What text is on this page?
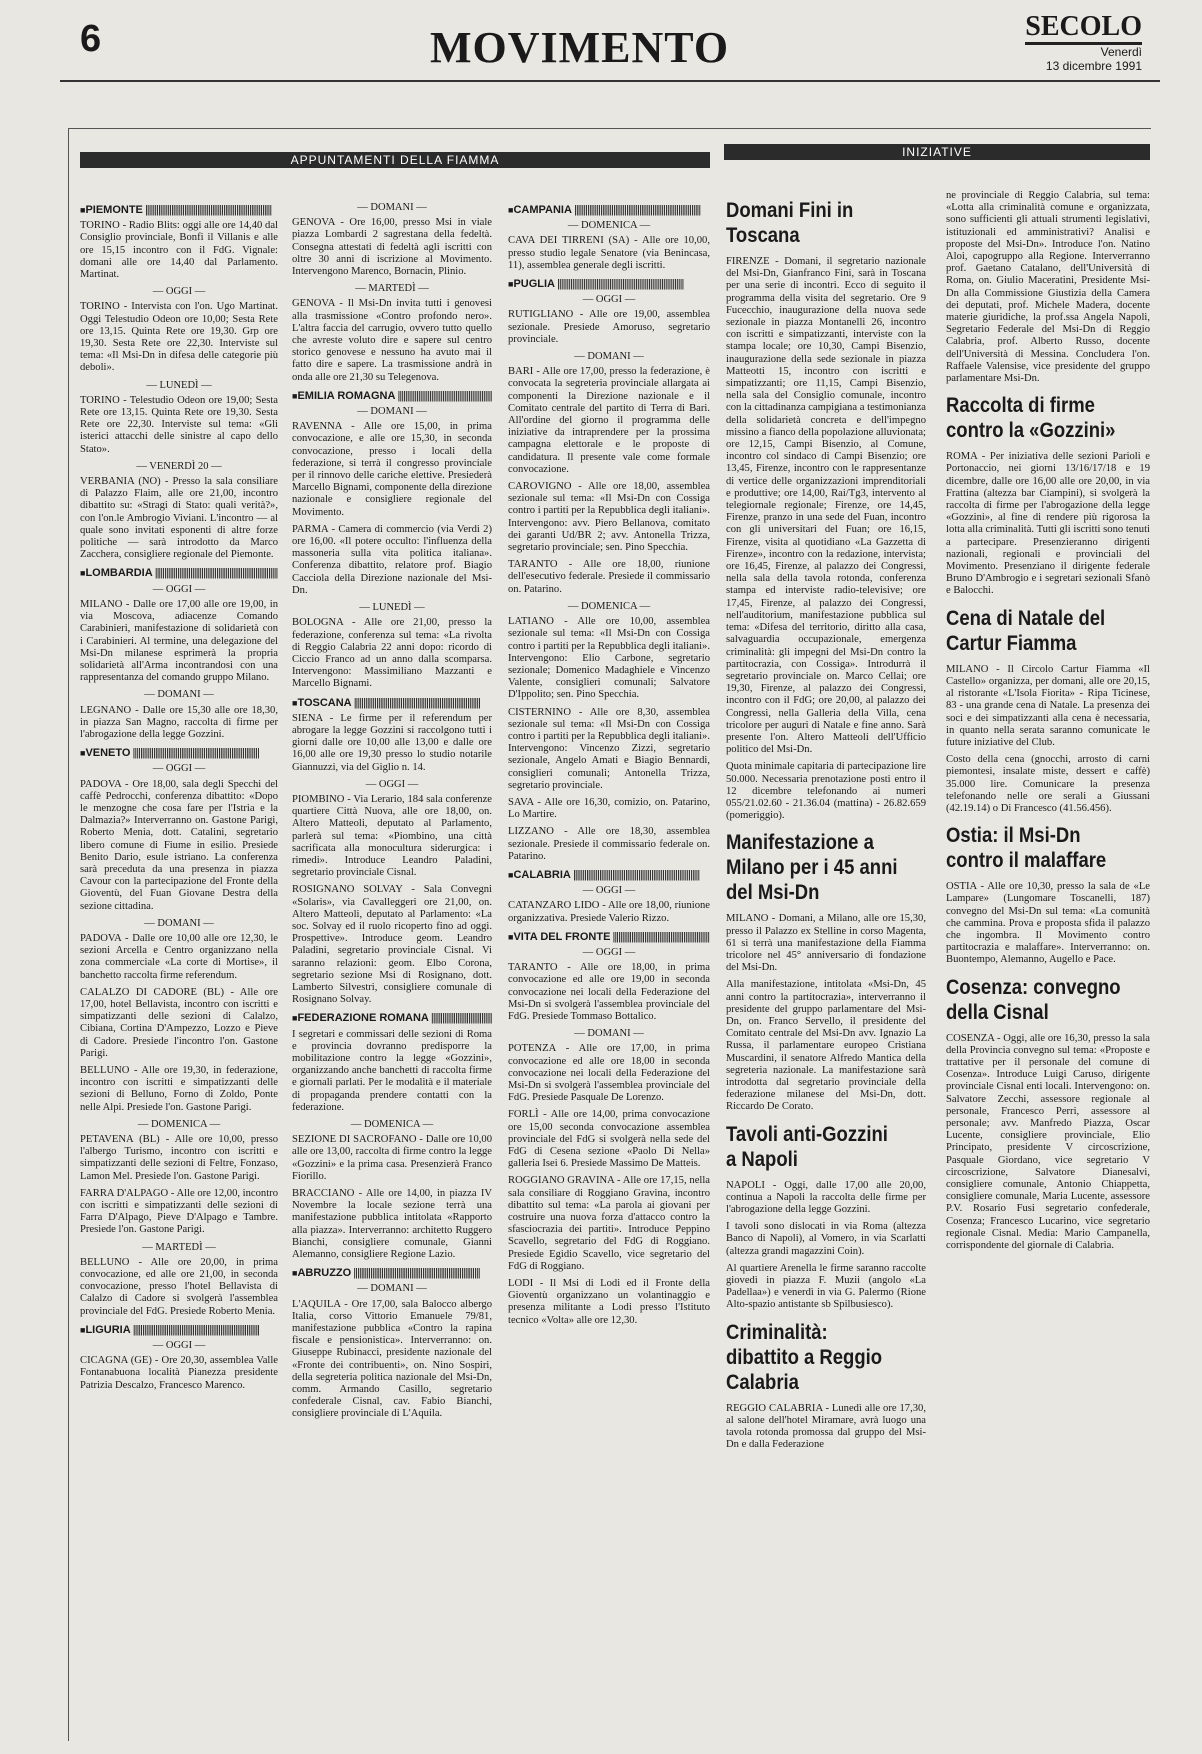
6	MOVIMENTO	SECOLO
Venerdì
13 dicembre 1991
APPUNTAMENTI DELLA FIAMMA
INIZIATIVE
■PIEMONTE ||||||||||||||||||||||||||||||||||||||||||||||||||||||||||||||||||||

TORINO - Radio Blits: oggi alle ore 14,40 dal Consiglio provinciale, Bonfi il Villanis e alle ore 15,15 incontro con il FdG. Vignale: domani alle ore 14,40 dal Parlamento. Martinat.

— OGGI —

TORINO - Intervista con l'on. Ugo Martinat. Oggi Telestudio Odeon ore 10,00; Sesta Rete ore 13,15. Quinta Rete ore 19,30. Grp ore 19,30. Sesta Rete ore 22,30. Interviste sul tema: «Il Msi-Dn in difesa delle categorie più deboli».

— LUNEDÌ —

TORINO - Telestudio Odeon ore 19,00; Sesta Rete ore 13,15. Quinta Rete ore 19,30. Sesta Rete ore 22,30. Interviste sul tema: «Gli isterici attacchi delle sinistre al capo dello Stato».

— VENERDÌ 20 —

VERBANIA (NO) - Presso la sala consiliare di Palazzo Flaim, alle ore 21,00, incontro dibattito su: «Stragi di Stato: quali verità?», con l'on.le Ambrogio Viviani. L'incontro — al quale sono invitati esponenti di altre forze politiche — sarà introdotto da Marco Zacchera, consigliere regionale del Piemonte.

■LOMBARDIA ||||||||||||||||||||||||||||||||||||||||||||||||||||||||||||||||||||
— OGGI —

MILANO - Dalle ore 17,00 alle ore 19,00, in via Moscova, adiacenze Comando Carabinieri, manifestazione di solidarietà con i Carabinieri. Al termine, una delegazione del Msi-Dn milanese esprimerà la propria solidarietà all'Arma incontrandosi con una rappresentanza del comando gruppo Milano.

— DOMANI —

LEGNANO - Dalle ore 15,30 alle ore 18,30, in piazza San Magno, raccolta di firme per l'abrogazione della legge Gozzini.

■VENETO ||||||||||||||||||||||||||||||||||||||||||||||||||||||||||||||||||||
— OGGI —

PADOVA - Ore 18,00, sala degli Specchi del caffè Pedrocchi, conferenza dibattito: «Dopo le menzogne che cosa fare per l'Istria e la Dalmazia?» Interverranno on. Gastone Parigi, Roberto Menia, dott. Catalini, segretario libero comune di Fiume in esilio. Presiede Benito Dario, esule istriano. La conferenza sarà preceduta da una presenza in piazza Cavour con la partecipazione del Fronte della Gioventù, del Fuan Giovane Destra della sezione cittadina.

— DOMANI —

PADOVA - Dalle ore 10,00 alle ore 12,30, le sezioni Arcella e Centro organizzano nella zona commerciale «La corte di Mortise», il banchetto raccolta firme referendum.

CALALZO DI CADORE (BL) - Alle ore 17,00, hotel Bellavista, incontro con iscritti e simpatizzanti delle sezioni di Calalzo, Cibiana, Cortina D'Ampezzo, Lozzo e Pieve di Cadore. Presiede l'incontro l'on. Gastone Parigi.

BELLUNO - Alle ore 19,30, in federazione, incontro con iscritti e simpatizzanti delle sezioni di Belluno, Forno di Zoldo, Ponte nelle Alpi. Presiede l'on. Gastone Parigi.

— DOMENICA —

PETAVENA (BL) - Alle ore 10,00, presso l'albergo Turismo, incontro con iscritti e simpatizzanti delle sezioni di Feltre, Fonzaso, Lamon Mel. Presiede l'on. Gastone Parigi.

FARRA D'ALPAGO - Alle ore 12,00, incontro con iscritti e simpatizzanti delle sezioni di Farra D'Alpago, Pieve D'Alpago e Tambre. Presiede l'on. Gastone Parigi.

— MARTEDÌ —

BELLUNO - Alle ore 20,00, in prima convocazione, ed alle ore 21,00, in seconda convocazione, presso l'hotel Bellavista di Calalzo di Cadore si svolgerà l'assemblea provinciale del FdG. Presiede Roberto Menia.

■LIGURIA ||||||||||||||||||||||||||||||||||||||||||||||||||||||||||||||||||||
— OGGI —

CICAGNA (GE) - Ore 20,30, assemblea Valle Fontanabuona località Pianezza presidente Patrizia Descalzo, Francesco Marenco.

— DOMANI —

GENOVA - Ore 16,00, presso Msi in viale piazza Lombardi 2 sagrestana della fedeltà. Consegna attestati di fedeltà agli iscritti con oltre 30 anni di iscrizione al Movimento. Intervengono Marenco, Bornacin, Plinio.

— MARTEDÌ —

GENOVA - Il Msi-Dn invita tutti i genovesi alla trasmissione «Contro profondo nero». L'altra faccia del carrugio, ovvero tutto quello che avreste voluto dire e sapere sul centro storico genovese e nessuno ha avuto mai il fatto dire e sapere. La trasmissione andrà in onda alle ore 21,30 su Telegenova.

■EMILIA ROMAGNA ||||||||||||||||||||||||||||||||||||||||||||||||||||||||||||||||||||
— DOMANI —

RAVENNA - Alle ore 15,00, in prima convocazione, e alle ore 15,30, in seconda convocazione, presso i locali della federazione, si terrà il congresso provinciale per il rinnovo delle cariche elettive. Presiederà Marcello Bignami, componente della direzione nazionale e consigliere regionale del Movimento.

PARMA - Camera di commercio (via Verdi 2) ore 16,00. «Il potere occulto: l'influenza della massoneria sulla vita politica italiana». Conferenza dibattito, relatore prof. Biagio Cacciola della Direzione nazionale del Msi-Dn.

— LUNEDÌ —

BOLOGNA - Alle ore 21,00, presso la federazione, conferenza sul tema: «La rivolta di Reggio Calabria 22 anni dopo: ricordo di Ciccio Franco ad un anno dalla scomparsa. Intervengono: Massimiliano Mazzanti e Marcello Bignami.

■TOSCANA ||||||||||||||||||||||||||||||||||||||||||||||||||||||||||||||||||||

SIENA - Le firme per il referendum per abrogare la legge Gozzini si raccolgono tutti i giorni dalle ore 10,00 alle 13,00 e dalle ore 16,00 alle ore 19,30 presso lo studio notarile Giannuzzi, via del Giglio n. 14.

— OGGI —

PIOMBINO - Via Lerario, 184 sala conferenze quartiere Città Nuova, alle ore 18,00, on. Altero Matteoli, deputato al Parlamento, parlerà sul tema: «Piombino, una città sacrificata alla monocultura siderurgica: i rimedi». Introduce Leandro Paladini, segretario provinciale Cisnal.

ROSIGNANO SOLVAY - Sala Convegni «Solaris», via Cavalleggeri ore 21,00, on. Altero Matteoli, deputato al Parlamento: «La soc. Solvay ed il ruolo ricoperto fino ad oggi. Prospettive». Introduce geom. Leandro Paladini, segretario provinciale Cisnal. Vi saranno relazioni: geom. Elbo Corona, segretario sezione Msi di Rosignano, dott. Lamberto Silvestri, consigliere comunale di Rosignano Solvay.

■FEDERAZIONE ROMANA ||||||||||||||||||||||||||||||||||||||||||||||||||||||||||||||||||||

I segretari e commissari delle sezioni di Roma e provincia dovranno predisporre la mobilitazione contro la legge «Gozzini», organizzando anche banchetti di raccolta firme e giornali parlati. Per le modalità e il materiale di propaganda prendere contatti con la federazione.

— DOMENICA —

SEZIONE DI SACROFANO - Dalle ore 10,00 alle ore 13,00, raccolta di firme contro la legge «Gozzini» e la prima casa. Presenzierà Franco Fiorillo.

BRACCIANO - Alle ore 14,00, in piazza IV Novembre la locale sezione terrà una manifestazione pubblica intitolata «Rapporto alla piazza». Interverranno: architetto Ruggero Bianchi, consigliere comunale, Gianni Alemanno, consigliere Regione Lazio.

■ABRUZZO ||||||||||||||||||||||||||||||||||||||||||||||||||||||||||||||||||||
— DOMANI —

L'AQUILA - Ore 17,00, sala Balocco albergo Italia, corso Vittorio Emanuele 79/81, manifestazione pubblica «Contro la rapina fiscale e pensionistica». Interverranno: on. Giuseppe Rubinacci, presidente nazionale del «Fronte dei contribuenti», on. Nino Sospiri, della segreteria politica nazionale del Msi-Dn, comm. Armando Casillo, segretario confederale Cisnal, cav. Fabio Bianchi, consigliere provinciale di L'Aquila.

■CAMPANIA ||||||||||||||||||||||||||||||||||||||||||||||||||||||||||||||||||||
— DOMENICA —

CAVA DEI TIRRENI (SA) - Alle ore 10,00, presso studio legale Senatore (via Benincasa, 11), assemblea generale degli iscritti.

■PUGLIA ||||||||||||||||||||||||||||||||||||||||||||||||||||||||||||||||||||
— OGGI —

RUTIGLIANO - Alle ore 19,00, assemblea sezionale. Presiede Amoruso, segretario provinciale.

— DOMANI —

BARI - Alle ore 17,00, presso la federazione, è convocata la segreteria provinciale allargata ai componenti la Direzione nazionale e il Comitato centrale del partito di Terra di Bari. All'ordine del giorno il programma delle iniziative da intraprendere per la prossima campagna elettorale e le proposte di candidatura. Il presente vale come formale convocazione.

CAROVIGNO - Alle ore 18,00, assemblea sezionale sul tema: «Il Msi-Dn con Cossiga contro i partiti per la Repubblica degli italiani». Intervengono: avv. Piero Bellanova, comitato dei garanti Ud/BR 2; avv. Antonella Trizza, segretario provinciale; sen. Pino Specchia.

TARANTO - Alle ore 18,00, riunione dell'esecutivo federale. Presiede il commissario on. Patarino.

— DOMENICA —

LATIANO - Alle ore 10,00, assemblea sezionale sul tema: «Il Msi-Dn con Cossiga contro i partiti per la Repubblica degli italiani». Intervengono: Elio Carbone, segretario sezionale; Domenico Madaghiele e Vincenzo Valente, consiglieri comunali; Salvatore D'Ippolito; sen. Pino Specchia.

CISTERNINO - Alle ore 8,30, assemblea sezionale sul tema: «Il Msi-Dn con Cossiga contro i partiti per la Repubblica degli italiani». Intervengono: Vincenzo Zizzi, segretario sezionale, Angelo Amati e Biagio Bennardi, consiglieri comunali; Antonella Trizza, segretario provinciale.

SAVA - Alle ore 16,30, comizio, on. Patarino, Lo Martire.

LIZZANO - Alle ore 18,30, assemblea sezionale. Presiede il commissario federale on. Patarino.

■CALABRIA ||||||||||||||||||||||||||||||||||||||||||||||||||||||||||||||||||||
— OGGI —

CATANZARO LIDO - Alle ore 18,00, riunione organizzativa. Presiede Valerio Rizzo.

■VITA DEL FRONTE ||||||||||||||||||||||||||||||||||||||||||||||||||||||||||||||||||||
— OGGI —

TARANTO - Alle ore 18,00, in prima convocazione ed alle ore 19,00 in seconda convocazione nei locali della Federazione del Msi-Dn si svolgerà l'assemblea provinciale del FdG. Presiede Tommaso Bottalico.

— DOMANI —

POTENZA - Alle ore 17,00, in prima convocazione ed alle ore 18,00 in seconda convocazione nei locali della Federazione del Msi-Dn si svolgerà l'assemblea provinciale del FdG. Presiede Pasquale De Lorenzo.

FORLÌ - Alle ore 14,00, prima convocazione ore 15,00 seconda convocazione assemblea provinciale del FdG si svolgerà nella sede del FdG di Cesena sezione «Paolo Di Nella» galleria Isei 6. Presiede Massimo De Matteis.

ROGGIANO GRAVINA - Alle ore 17,15, nella sala consiliare di Roggiano Gravina, incontro dibattito sul tema: «La parola ai giovani per costruire una nuova forza d'attacco contro la sfasciocrazia dei partiti». Introduce Peppino Scavello, segretario del FdG di Roggiano. Presiede Egidio Scavello, vice segretario del FdG di Roggiano.

LODI - Il Msi di Lodi ed il Fronte della Gioventù organizzano un volantinaggio e presenza militante a Lodi presso l'Istituto tecnico «Volta» alle ore 12,30.

Domani Fini in Toscana

FIRENZE - Domani, il segretario nazionale del Msi-Dn, Gianfranco Fini, sarà in Toscana per una serie di incontri. Ecco di seguito il programma della visita del segretario. Ore 9 Fucecchio, inaugurazione della nuova sede sezionale in piazza Montanelli 26, incontro con iscritti e simpatizzanti, interviste con la stampa locale; ore 10,30, Campi Bisenzio, inaugurazione della sede sezionale in piazza Matteotti 15, incontro con iscritti e simpatizzanti; ore 11,15, Campi Bisenzio, nella sala del Consiglio comunale, incontro con la cittadinanza campigiana a testimonianza della solidarietà concreta e dell'impegno missino a fianco della popolazione alluvionata; ore 12,15, Campi Bisenzio, al Comune, incontro col sindaco di Campi Bisenzio; ore 13,45, Firenze, incontro con le rappresentanze di vertice delle organizzazioni imprenditoriali e produttive; ore 14,00, Rai/Tg3, intervento al telegiornale regionale; Firenze, ore 14,45, Firenze, pranzo in una sede del Fuan, incontro con gli universitari del Fuan; ore 16,15, Firenze, visita al quotidiano «La Gazzetta di Firenze», incontro con la redazione, intervista; ore 16,45, Firenze, al palazzo dei Congressi, nella sala della tavola rotonda, conferenza stampa ed interviste radio-televisive; ore 17,45, Firenze, al palazzo dei Congressi, nell'auditorium, manifestazione pubblica sul tema: «Difesa del territorio, diritto alla casa, salvaguardia occupazionale, emergenza criminalità: gli impegni del Msi-Dn contro la partitocrazia, con Cossiga». Introdurrà il segretario provinciale on. Marco Cellai; ore 19,30, Firenze, al palazzo dei Congressi, incontro con il FdG; ore 20,00, al palazzo dei Congressi, nella Galleria della Villa, cena tricolore per auguri di Natale e fine anno. Sarà presente l'on. Altero Matteoli dell'Ufficio politico del Msi-Dn.

Quota minimale capitaria di partecipazione lire 50.000. Necessaria prenotazione posti entro il 12 dicembre telefonando ai numeri 055/21.02.60 - 21.36.04 (mattina) - 26.82.659 (pomeriggio).

Manifestazione a Milano per i 45 anni del Msi-Dn

MILANO - Domani, a Milano, alle ore 15,30, presso il Palazzo ex Stelline in corso Magenta, 61 si terrà una manifestazione della Fiamma tricolore nel 45° anniversario di fondazione del Msi-Dn.

Alla manifestazione, intitolata «Msi-Dn, 45 anni contro la partitocrazia», interverranno il presidente del gruppo parlamentare del Msi-Dn, on. Franco Servello, il presidente del Comitato centrale del Msi-Dn avv. Ignazio La Russa, il parlamentare europeo Cristiana Muscardini, il senatore Alfredo Mantica della segreteria nazionale. La manifestazione sarà introdotta dal segretario provinciale della federazione milanese del Msi-Dn, dott. Riccardo De Corato.

Tavoli anti-Gozzini a Napoli

NAPOLI - Oggi, dalle 17,00 alle 20,00, continua a Napoli la raccolta delle firme per l'abrogazione della legge Gozzini.

I tavoli sono dislocati in via Roma (altezza Banco di Napoli), al Vomero, in via Scarlatti (altezza grandi magazzini Coin).

Al quartiere Arenella le firme saranno raccolte giovedì in piazza F. Muzii (angolo «La Padellaa») e venerdì in via G. Palermo (Rione Alto-spazio antistante sb Spilbusiesco).

Criminalità: dibattito a Reggio Calabria

REGGIO CALABRIA - Lunedì alle ore 17,30, al salone dell'hotel Miramare, avrà luogo una tavola rotonda promossa dal gruppo del Msi-Dn e dalla Federazione

ne provinciale di Reggio Calabria, sul tema: «Lotta alla criminalità comune e organizzata, sono sufficienti gli attuali strumenti legislativi, istituzionali ed amministrativi? Analisi e proposte del Msi-Dn». Introduce l'on. Natino Aloi, capogruppo alla Regione. Interverranno prof. Gaetano Catalano, dell'Università di Roma, on. Giulio Maceratini, Presidente Msi-Dn alla Commissione Giustizia della Camera dei deputati, prof. Michele Madera, docente materie giuridiche, la prof.ssa Angela Napoli, Segretario Federale del Msi-Dn di Reggio Calabria, prof. Alberto Russo, docente dell'Università di Messina. Concludera l'on. Raffaele Valensise, vice presidente del gruppo parlamentare Msi-Dn.

Raccolta di firme contro la «Gozzini»

ROMA - Per iniziativa delle sezioni Parioli e Portonaccio, nei giorni 13/16/17/18 e 19 dicembre, dalle ore 16,00 alle ore 20,00, in via Frattina (altezza bar Ciampini), si svolgerà la raccolta di firme per l'abrogazione della legge «Gozzini», al fine di rendere più rigorosa la lotta alla criminalità. Tutti gli iscritti sono tenuti a partecipare. Presenzieranno dirigenti nazionali, regionali e provinciali del Movimento. Presenziano il dirigente federale Bruno D'Ambrogio e i segretari sezionali Sfanò e Balocchi.

Cena di Natale del Cartur Fiamma

MILANO - Il Circolo Cartur Fiamma «Il Castello» organizza, per domani, alle ore 20,15, al ristorante «L'Isola Fiorita» - Ripa Ticinese, 83 - una grande cena di Natale. La presenza dei soci e dei simpatizzanti alla cena è necessaria, in quanto nella serata saranno comunicate le future iniziative del Club.

Costo della cena (gnocchi, arrosto di carni piemontesi, insalate miste, dessert e caffè) 35.000 lire. Comunicare la presenza telefonando nelle ore serali a Giussani (42.19.14) o Di Francesco (41.56.456).

Ostia: il Msi-Dn contro il malaffare

OSTIA - Alle ore 10,30, presso la sala de «Le Lampare» (Lungomare Toscanelli, 187) convegno del Msi-Dn sul tema: «La comunità che cammina. Prova e proposta sfida il palazzo che ingombra. Il Movimento contro partitocrazia e malaffare». Interverranno: on. Buontempo, Alemanno, Augello e Pace.

Cosenza: convegno della Cisnal

COSENZA - Oggi, alle ore 16,30, presso la sala della Provincia convegno sul tema: «Proposte e trattative per il personale del comune di Cosenza». Introduce Luigi Caruso, dirigente provinciale Cisnal enti locali. Intervengono: on. Salvatore Zecchi, assessore regionale al personale, Francesco Perri, assessore al personale; avv. Manfredo Piazza, Oscar Lucente, consigliere provinciale, Elio Principato, presidente V circoscrizione, Pasquale Giordano, vice segretario V circoscrizione, Salvatore Dianesalvi, consigliere comunale, Antonio Chiappetta, consigliere comunale, Maria Lucente, assessore P.V. Rosario Fusi segretario confederale, Cosenza; Francesco Lucarino, vice segretario regionale Cisnal. Media: Mario Campanella, corrispondente del giornale di Calabria.
